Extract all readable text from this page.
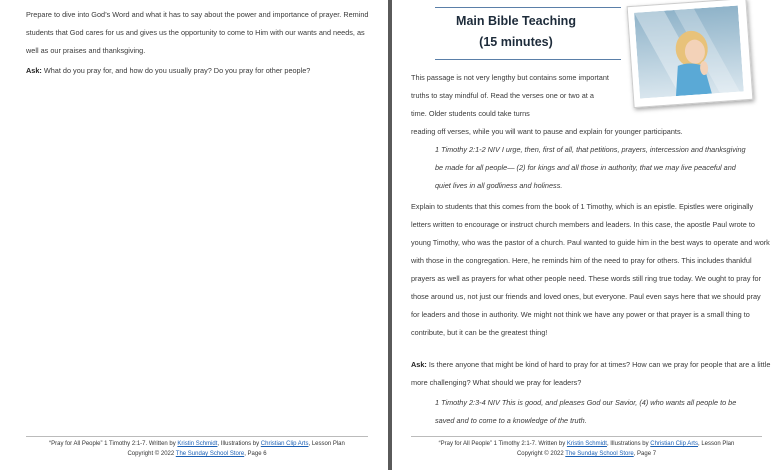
Prepare to dive into God’s Word and what it has to say about the power and importance of prayer. Remind students that God cares for us and gives us the opportunity to come to Him with our wants and needs, as well as our praises and thanksgiving.

Ask: What do you pray for, and how do you usually pray? Do you pray for other people?

“Pray for All People” 1 Timothy 2:1-7. Written by Kristin Schmidt, Illustrations by Christian Clip Arts, Lesson Plan
Copyright © 2022 The Sunday School Store, Page 6
Main Bible Teaching
(15 minutes)

This passage is not very lengthy but contains some important truths to stay mindful of. Read the verses one or two at a time. Older students could take turns

reading off verses, while you will want to pause and explain for younger participants.

1 Timothy 2:1-2 NIV I urge, then, first of all, that petitions, prayers, intercession and thanksgiving be made for all people— (2) for kings and all those in authority, that we may live peaceful and quiet lives in all godliness and holiness.

Explain to students that this comes from the book of 1 Timothy, which is an epistle. Epistles were originally letters written to encourage or instruct church members and leaders. In this case, the apostle Paul wrote to young Timothy, who was the pastor of a church. Paul wanted to guide him in the best ways to operate and work with those in the congregation. Here, he reminds him of the need to pray for others. This includes thankful prayers as well as prayers for what other people need. These words still ring true today. We ought to pray for those around us, not just our friends and loved ones, but everyone. Paul even says here that we should pray for leaders and those in authority. We might not think we have any power or that prayer is a small thing to contribute, but it can be the greatest thing!

Ask: Is there anyone that might be kind of hard to pray for at times? How can we pray for people that are a little more challenging? What should we pray for leaders?

1 Timothy 2:3-4 NIV This is good, and pleases God our Savior, (4) who wants all people to be saved and to come to a knowledge of the truth.

“Pray for All People” 1 Timothy 2:1-7. Written by Kristin Schmidt, Illustrations by Christian Clip Arts, Lesson Plan
Copyright © 2022 The Sunday School Store, Page 7
